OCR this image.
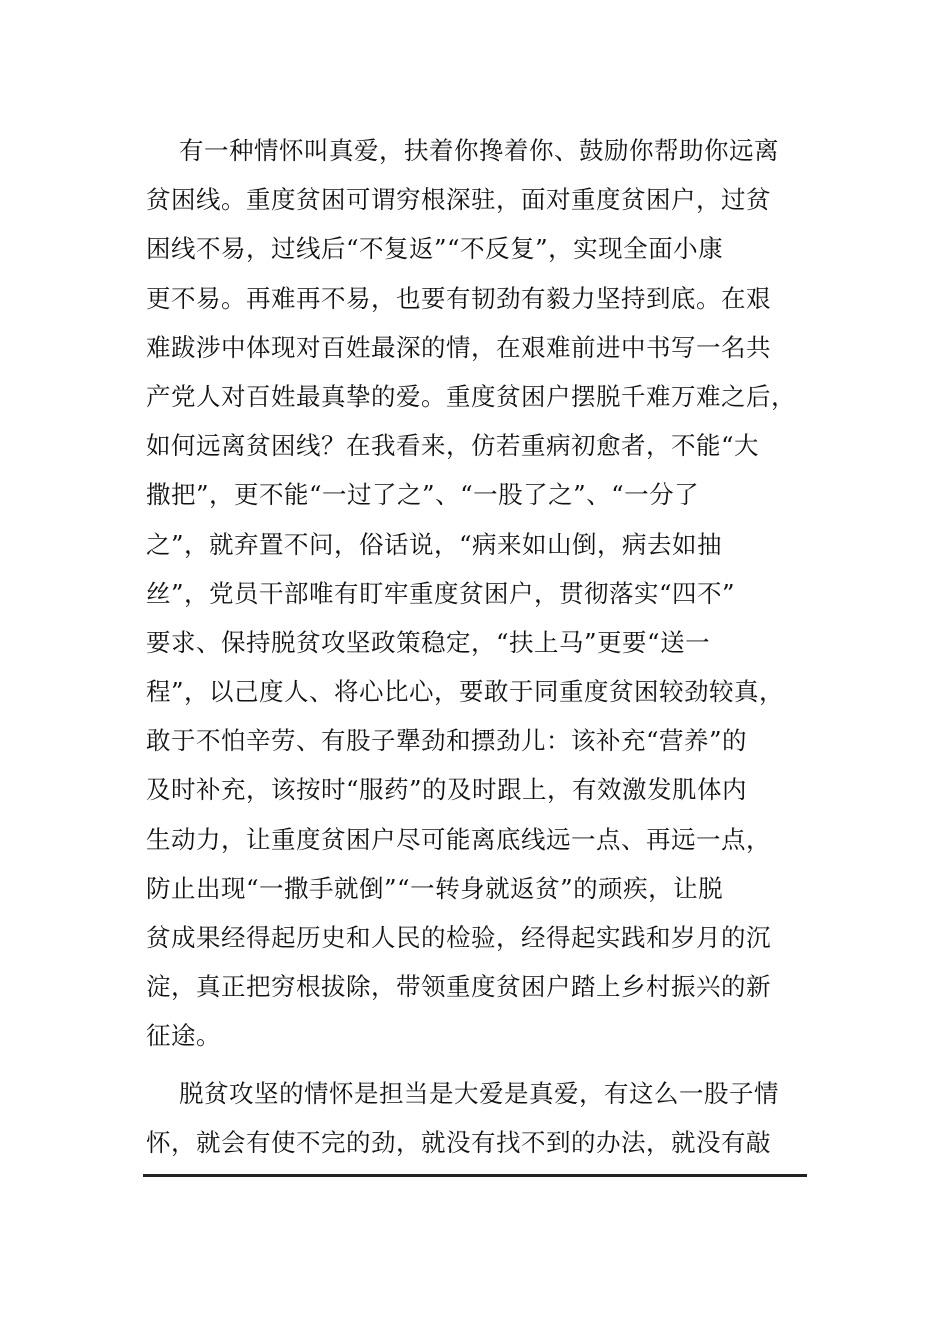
有一种情怀叫真爱，扶着你搀着你、鼓励你帮助你远离
贫困线。重度贫困可谓穷根深驻，面对重度贫困户，过贫
困线不易，过线后“不复返”“不反复”，实现全面小康
更不易。再难再不易，也要有韧劲有毅力坚持到底。在艰
难跋涉中体现对百姓最深的情，在艰难前进中书写一名共
产党人对百姓最真挚的爱。重度贫困户摆脱千难万难之后，
如何远离贫困线？在我看来，仿若重病初愈者，不能“大
撒把”，更不能“一过了之”、“一股了之”、“一分了
之”，就弃置不问，俗话说，“病来如山倒，病去如抽
丝”，党员干部唯有盯牢重度贫困户，贯彻落实“四不”
要求、保持脱贫攻坚政策稳定，“扶上马”更要“送一
程”，以己度人、将心比心，要敢于同重度贫困较劲较真，
敢于不怕辛劳、有股子犟劲和摽劲儿：该补充“营养”的
及时补充，该按时“服药”的及时跟上，有效激发肌体内
生动力，让重度贫困户尽可能离底线远一点、再远一点，
防止出现“一撒手就倒”“一转身就返贫”的顽疾，让脱
贫成果经得起历史和人民的检验，经得起实践和岁月的沉
淀，真正把穷根拔除，带领重度贫困户踏上乡村振兴的新
征途。
脱贫攻坚的情怀是担当是大爱是真爱，有这么一股子情
怀，就会有使不完的劲，就没有找不到的办法，就没有敲
